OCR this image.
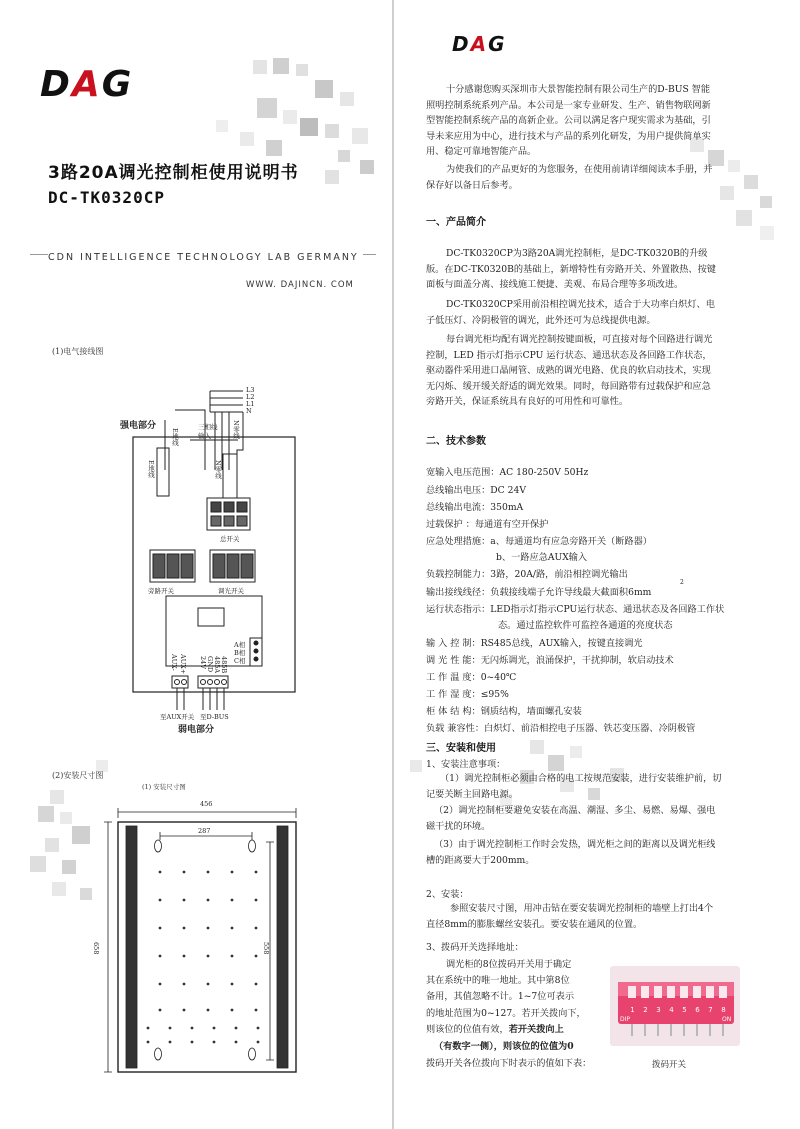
DAG
3路20A调光控制柜使用说明书
DC-TK0320CP
CDN INTELLIGENCE TECHNOLOGY LAB GERMANY
WWW. DAJINCN. COM
(1)电气接线图
L3
L2
L1
N
强电部分
E地线
三相线输入	N零线
E地线	N零线
总开关
旁路开关	调光开关
A相
B相
C相
AUX- AUX+ 24V GND 485A 485B
至AUX开关 至D-BUS
弱电部分
(2)安装尺寸图
(1) 安装尺寸图
456
287
658	558
DAG
十分感谢您购买深圳市大景智能控制有限公司生产的D-BUS 智能照明控制系统系列产品。本公司是一家专业研发、生产、销售物联网新型智能控制系统产品的高新企业。公司以满足客户现实需求为基础，引导未来应用为中心，进行技术与产品的系列化研发，为用户提供简单实用、稳定可靠地智能产品。
为使我们的产品更好的为您服务，在使用前请详细阅读本手册，并保存好以备日后参考。
一、产品简介
DC-TK0320CP为3路20A调光控制柜，是DC-TK0320B的升级版。在DC-TK0320B的基础上，新增特性有旁路开关、外置散热、按键面板与面盖分离、接线施工便捷、美观、布局合理等多项改进。
DC-TK0320CP采用前沿相控调光技术，适合于大功率白炽灯、电子低压灯、冷阴极管的调光，此外还可为总线提供电源。
每台调光柜均配有调光控制按键面板，可直接对每个回路进行调光控制，LED 指示灯指示CPU 运行状态、通迅状态及各回路工作状态，驱动器件采用进口晶闸管、成熟的调光电路、优良的软启动技术，实现无闪烁、缓开缓关舒适的调光效果。同时，每回路带有过载保护和应急旁路开关，保证系统具有良好的可用性和可靠性。
二、技术参数
宽输入电压范围：AC 180-250V 50Hz
总线输出电压：DC 24V
总线输出电流：350mA
过载保护 ：每通道有空开保护
应急处理措施：a、每通道均有应急旁路开关（断路器）
b、一路应急AUX输入
负载控制能力：3路，20A/路，前沿相控调光输出
输出接线线径：负载接线端子允许导线最大截面积6mm
2
运行状态指示：LED指示灯指示CPU运行状态、通迅状态及各回路工作状
态。通过监控软件可监控各通道的亮度状态
输 入 控 制：RS485总线，AUX输入，按键直接调光
调 光 性 能：无闪烁调光，浪涌保护，干扰抑制，软启动技术
工 作 温 度：0~40℃
工 作 湿 度：≤95%
柜 体 结 构：钢质结构，墙面螺孔安装
负载 兼容性：白炽灯、前沿相控电子压器、铁芯变压器、冷阴极管
三、安装和使用
1、安装注意事项：
（1）调光控制柜必须由合格的电工按规范安装，进行安装维护前，切记要关断主回路电源。
（2）调光控制柜要避免安装在高温、潮湿、多尘、易燃、易爆、强电磁干扰的环境。
（3）由于调光控制柜工作时会发热，调光柜之间的距离以及调光柜线槽的距离要大于200mm。
2、安装：
参照安装尺寸图，用冲击钻在要安装调光控制柜的墙壁上打出4个直径8mm的膨胀螺丝安装孔。要安装在通风的位置。
3、拨码开关选择地址：
调光柜的8位拨码开关用于确定
其在系统中的唯一地址。其中第8位
备用，其值忽略不计。1~7位可表示
的地址范围为0~127。若开关拨向下，
则该位的位值有效，若开关拨向上
（有数字一侧），则该位的位值为0
拨码开关各位拨向下时表示的值如下表：
1 2 3 4 5 6 7 8
ON
DIP
拨码开关
